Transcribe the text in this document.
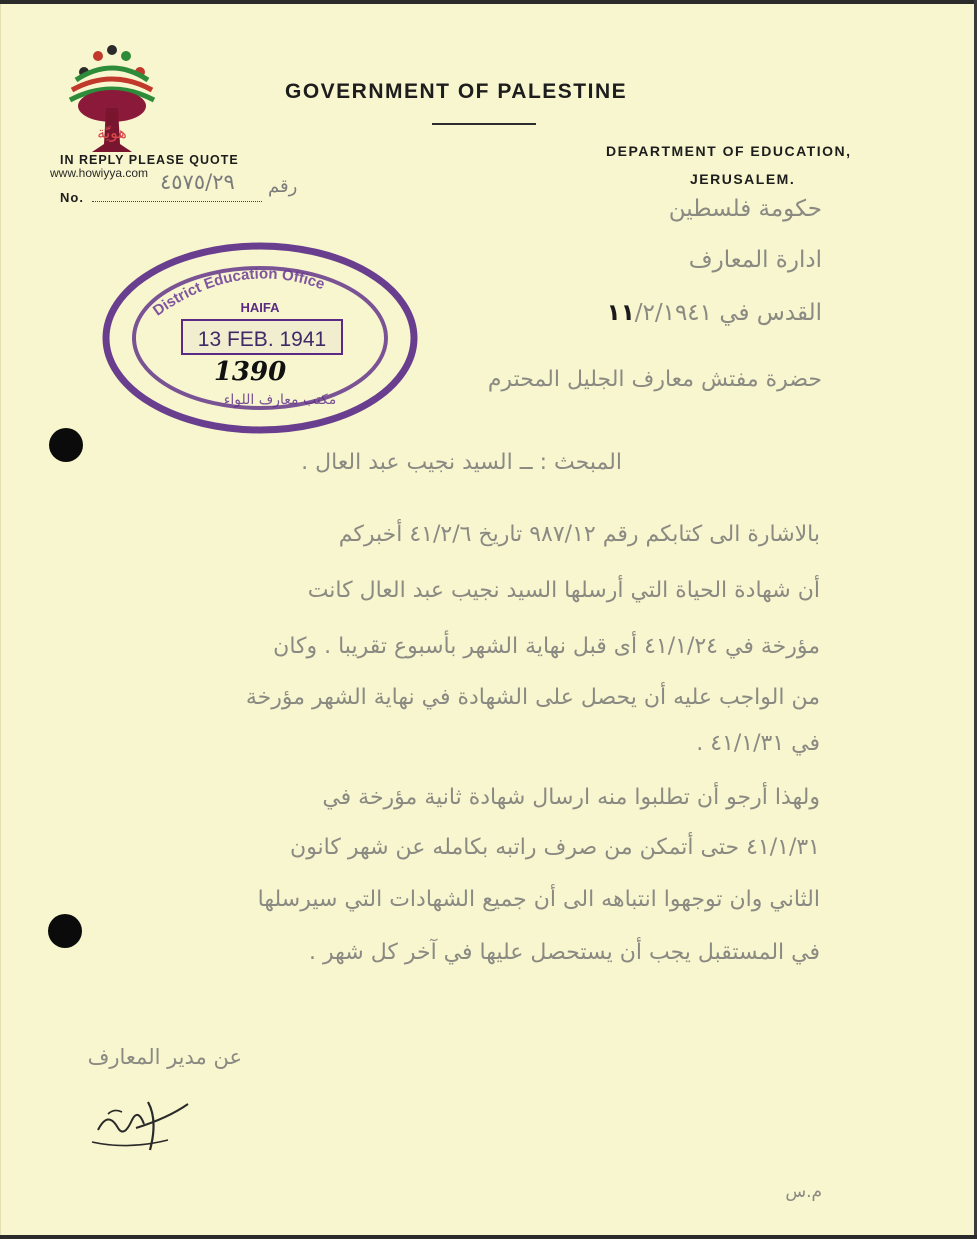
هويّة
GOVERNMENT OF PALESTINE
IN REPLY PLEASE QUOTE
www.howiyya.com
No.
٤٥٧٥/٢٩ رقم
DEPARTMENT OF EDUCATION,
JERUSALEM.
حكومة فلسطين
ادارة المعارف
القدس في ١١/٢/١٩٤١
حضرة مفتش معارف الجليل المحترم
المبحث : ــ السيد نجيب عبد العال .
District Education Office
HAIFA
13 FEB. 1941
1390
مكتب معارف اللواء
بالاشارة الى كتابكم رقم ٩٨٧/١٢ تاريخ ٤١/٢/٦ أخبركم
أن شهادة الحياة التي أرسلها السيد نجيب عبد العال كانت
مؤرخة في ٤١/١/٢٤ أى قبل نهاية الشهر بأسبوع تقريبا . وكان
من الواجب عليه أن يحصل على الشهادة في نهاية الشهر مؤرخة
في ٤١/١/٣١ .
ولهذا أرجو أن تطلبوا منه ارسال شهادة ثانية مؤرخة في
٤١/١/٣١ حتى أتمكن من صرف راتبه بكامله عن شهر كانون
الثاني وان توجهوا انتباهه الى أن جميع الشهادات التي سيرسلها
في المستقبل يجب أن يستحصل عليها في آخر كل شهر .
عن مدير المعارف
م.س
